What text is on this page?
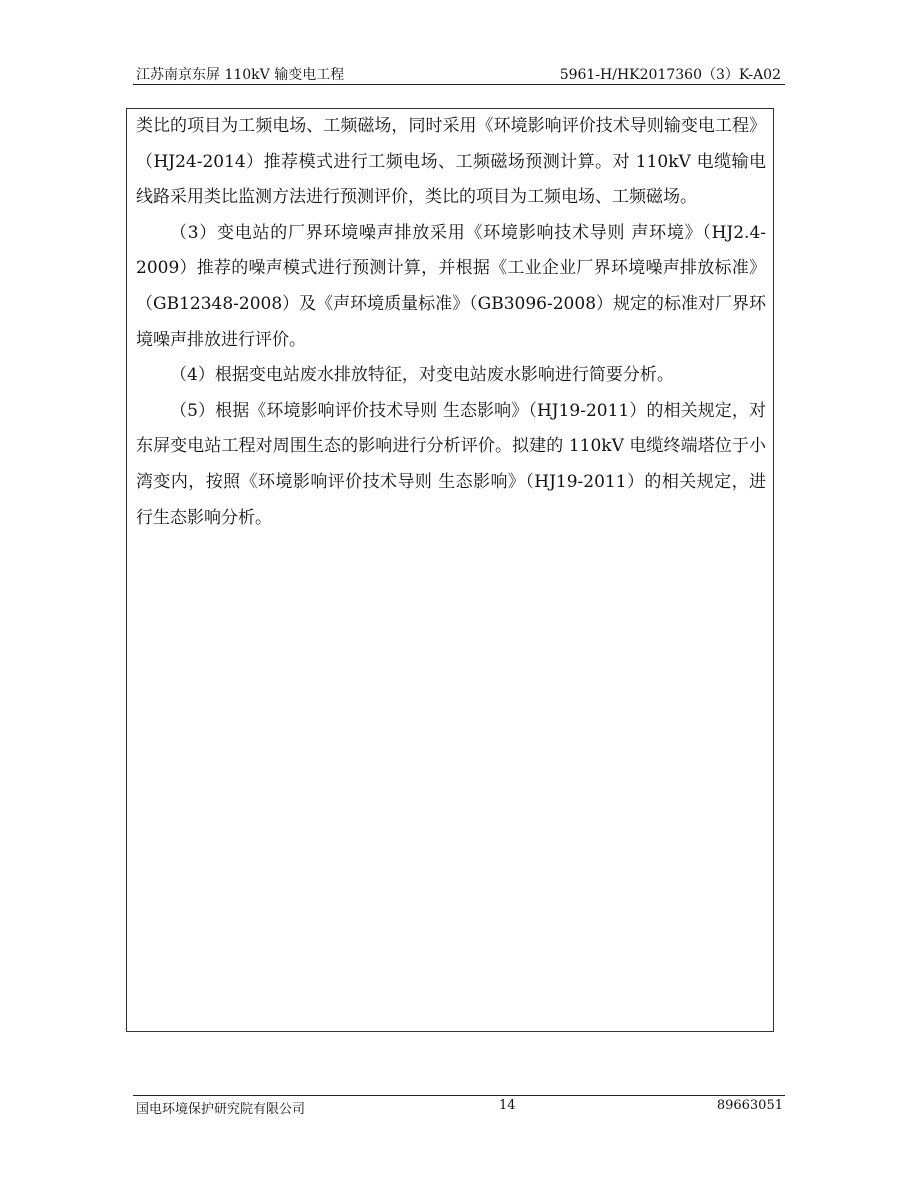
江苏南京东屏 110kV 输变电工程	5961-H/HK2017360（3）K-A02

类比的项目为工频电场、工频磁场，同时采用《环境影响评价技术导则输变电工程》（HJ24-2014）推荐模式进行工频电场、工频磁场预测计算。对 110kV 电缆输电线路采用类比监测方法进行预测评价，类比的项目为工频电场、工频磁场。

（3）变电站的厂界环境噪声排放采用《环境影响技术导则 声环境》（HJ2.4-2009）推荐的噪声模式进行预测计算，并根据《工业企业厂界环境噪声排放标准》（GB12348-2008）及《声环境质量标准》（GB3096-2008）规定的标准对厂界环境噪声排放进行评价。

（4）根据变电站废水排放特征，对变电站废水影响进行简要分析。

（5）根据《环境影响评价技术导则 生态影响》（HJ19-2011）的相关规定，对东屏变电站工程对周围生态的影响进行分析评价。拟建的 110kV 电缆终端塔位于小湾变内，按照《环境影响评价技术导则 生态影响》（HJ19-2011）的相关规定，进行生态影响分析。

国电环境保护研究院有限公司	14	89663051
